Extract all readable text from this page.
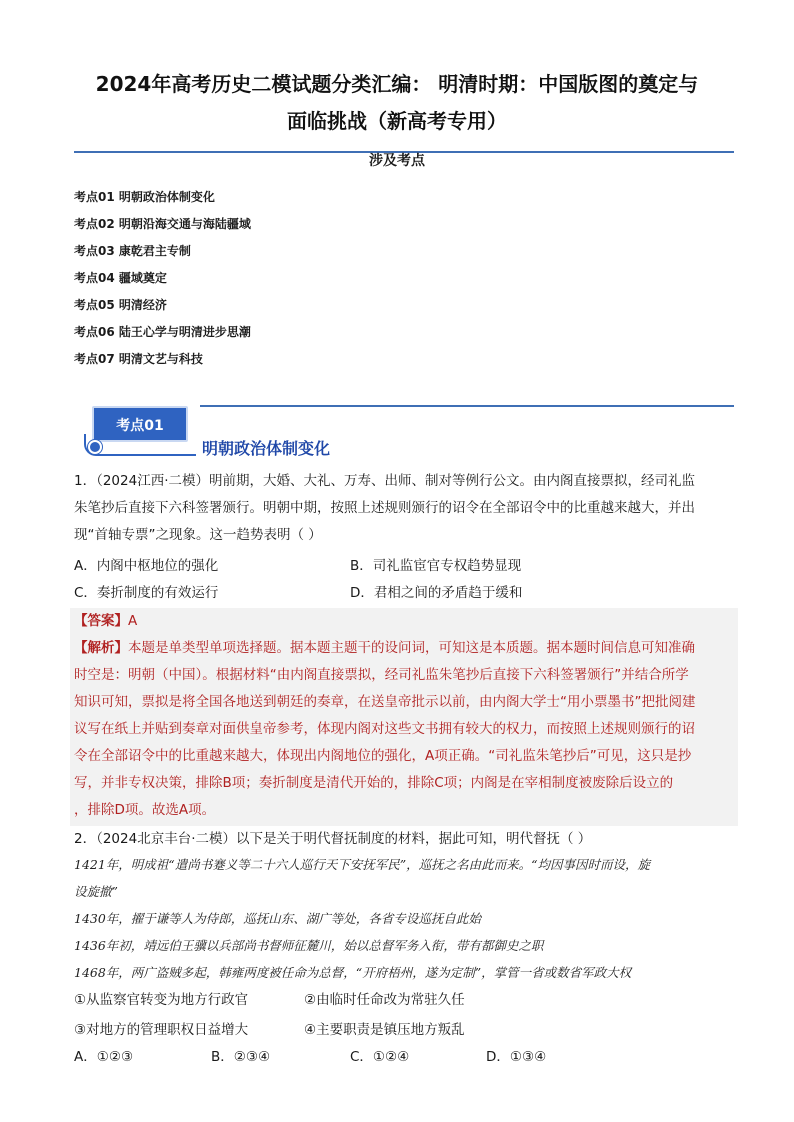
2024年高考历史二模试题分类汇编： 明清时期：中国版图的奠定与
面临挑战（新高考专用）
涉及考点
考点01 明朝政治体制变化
考点02 明朝沿海交通与海陆疆域
考点03 康乾君主专制
考点04 疆域奠定
考点05 明清经济
考点06 陆王心学与明清进步思潮
考点07 明清文艺与科技
考点01
明朝政治体制变化
1．（2024江西·二模）明前期，大婚、大礼、万寿、出师、制对等例行公文。由内阁直接票拟，经司礼监
朱笔抄后直接下六科签署颁行。明朝中期，按照上述规则颁行的诏令在全部诏令中的比重越来越大，并出
现“首轴专票”之现象。这一趋势表明（ ）
A．内阁中枢地位的强化	B．司礼监宦官专权趋势显现
C．奏折制度的有效运行	D．君相之间的矛盾趋于缓和
【答案】A
【解析】本题是单类型单项选择题。据本题主题干的设问词，可知这是本质题。据本题时间信息可知准确
时空是：明朝（中国）。根据材料“由内阁直接票拟，经司礼监朱笔抄后直接下六科签署颁行”并结合所学
知识可知，票拟是将全国各地送到朝廷的奏章，在送皇帝批示以前，由内阁大学士“用小票墨书”把批阅建
议写在纸上并贴到奏章对面供皇帝参考，体现内阁对这些文书拥有较大的权力，而按照上述规则颁行的诏
令在全部诏令中的比重越来越大，体现出内阁地位的强化，A项正确。“司礼监朱笔抄后”可见，这只是抄
写，并非专权决策，排除B项；奏折制度是清代开始的，排除C项；内阁是在宰相制度被废除后设立的
，排除D项。故选A项。
2．（2024北京丰台·二模）以下是关于明代督抚制度的材料，据此可知，明代督抚（ ）
1421年，明成祖“遣尚书蹇义等二十六人巡行天下安抚军民”，巡抚之名由此而来。“均因事因时而设，旋
设旋撤”
1430年，擢于谦等人为侍郎，巡抚山东、湖广等处，各省专设巡抚自此始
1436年初，靖远伯王骥以兵部尚书督师征麓川，始以总督军务入衔，带有都御史之职
1468年，两广盗贼多起，韩雍两度被任命为总督，“开府梧州，遂为定制”，掌管一省或数省军政大权
①从监察官转变为地方行政官	②由临时任命改为常驻久任
③对地方的管理职权日益增大	④主要职责是镇压地方叛乱
A．①②③	B．②③④	C．①②④	D．①③④
